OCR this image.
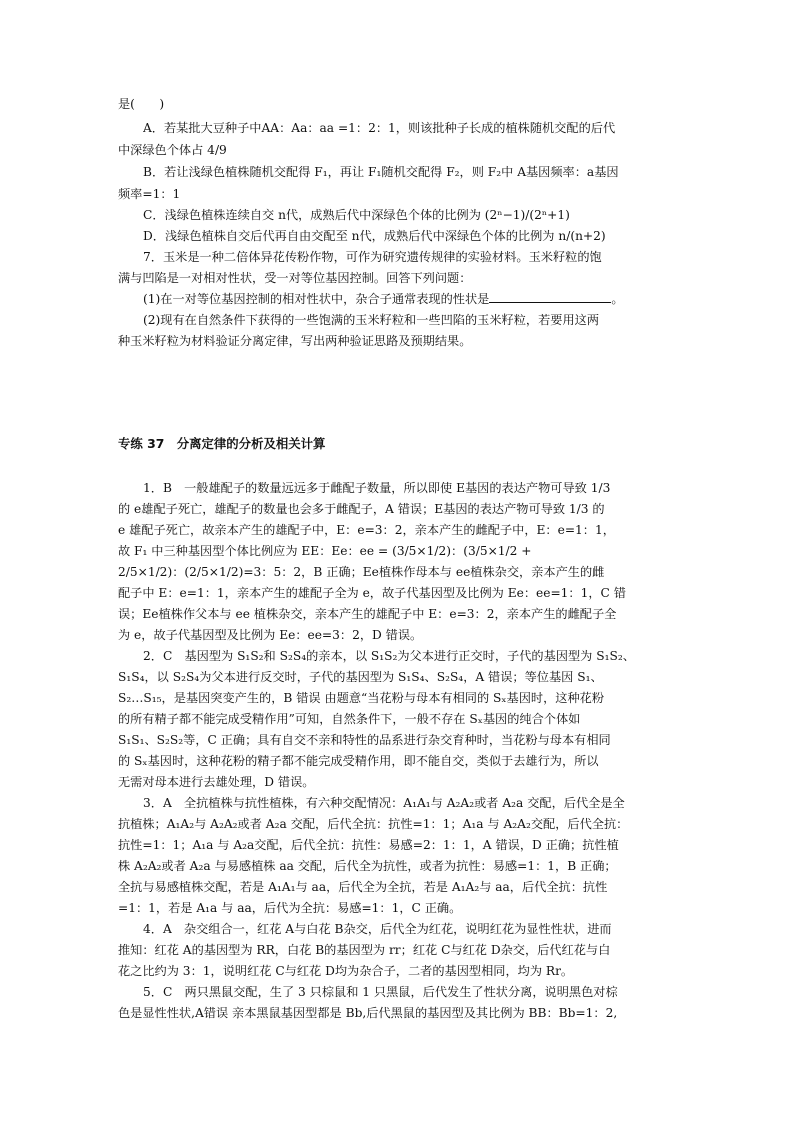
是(　　)
A．若某批大豆种子中AA：Aa：aa =1：2：1，则该批种子长成的植株随机交配的后代
中深绿色个体占 4/9
B．若让浅绿色植株随机交配得 F₁，再让 F₁随机交配得 F₂，则 F₂中 A基因频率：a基因
频率=1：1
C．浅绿色植株连续自交 n代，成熟后代中深绿色个体的比例为 (2ⁿ−1)/(2ⁿ+1)
D．浅绿色植株自交后代再自由交配至 n代，成熟后代中深绿色个体的比例为 n/(n+2)
7．玉米是一种二倍体异花传粉作物，可作为研究遗传规律的实验材料。玉米籽粒的饱
满与凹陷是一对相对性状，受一对等位基因控制。回答下列问题：
(1)在一对等位基因控制的相对性状中，杂合子通常表现的性状是	。
(2)现有在自然条件下获得的一些饱满的玉米籽粒和一些凹陷的玉米籽粒，若要用这两
种玉米籽粒为材料验证分离定律，写出两种验证思路及预期结果。
专练 37　分离定律的分析及相关计算
1．B　一般雄配子的数量远远多于雌配子数量，所以即使 E基因的表达产物可导致 1/3
的 e雄配子死亡，雄配子的数量也会多于雌配子，A 错误；E基因的表达产物可导致 1/3 的
e 雄配子死亡，故亲本产生的雄配子中，E：e=3：2，亲本产生的雌配子中，E：e=1：1，
故 F₁ 中三种基因型个体比例应为 EE：Ee：ee = (3/5×1/2)：(3/5×1/2 +
2/5×1/2)：(2/5×1/2)=3：5：2，B 正确；Ee植株作母本与 ee植株杂交，亲本产生的雌
配子中 E：e=1：1，亲本产生的雄配子全为 e，故子代基因型及比例为 Ee：ee=1：1，C 错
误；Ee植株作父本与 ee 植株杂交，亲本产生的雄配子中 E：e=3：2，亲本产生的雌配子全
为 e，故子代基因型及比例为 Ee：ee=3：2，D 错误。
2．C　基因型为 S₁S₂和 S₂S₄的亲本，以 S₁S₂为父本进行正交时，子代的基因型为 S₁S₂、
S₁S₄，以 S₂S₄为父本进行反交时，子代的基因型为 S₁S₄、S₂S₄，A 错误；等位基因 S₁、
S₂…S₁₅，是基因突变产生的，B 错误 由题意“当花粉与母本有相同的 Sₓ基因时，这种花粉
的所有精子都不能完成受精作用”可知，自然条件下，一般不存在 Sₓ基因的纯合个体如
S₁S₁、S₂S₂等，C 正确；具有自交不亲和特性的品系进行杂交育种时，当花粉与母本有相同
的 Sₓ基因时，这种花粉的精子都不能完成受精作用，即不能自交，类似于去雄行为，所以
无需对母本进行去雄处理，D 错误。
3．A　全抗植株与抗性植株，有六种交配情况：A₁A₁与 A₂A₂或者 A₂a 交配，后代全是全
抗植株；A₁A₂与 A₂A₂或者 A₂a 交配，后代全抗：抗性=1：1；A₁a 与 A₂A₂交配，后代全抗：
抗性=1：1；A₁a 与 A₂a交配，后代全抗：抗性：易感=2：1：1，A 错误，D 正确；抗性植
株 A₂A₂或者 A₂a 与易感植株 aa 交配，后代全为抗性，或者为抗性：易感=1：1，B 正确；
全抗与易感植株交配，若是 A₁A₁与 aa，后代全为全抗，若是 A₁A₂与 aa，后代全抗：抗性
=1：1，若是 A₁a 与 aa，后代为全抗：易感=1：1，C 正确。
4．A　杂交组合一，红花 A与白花 B杂交，后代全为红花，说明红花为显性性状，进而
推知：红花 A的基因型为 RR，白花 B的基因型为 rr；红花 C与红花 D杂交，后代红花与白
花之比约为 3：1，说明红花 C与红花 D均为杂合子，二者的基因型相同，均为 Rr。
5．C　两只黑鼠交配，生了 3 只棕鼠和 1 只黑鼠，后代发生了性状分离，说明黑色对棕
色是显性性状,A错误 亲本黑鼠基因型都是 Bb,后代黑鼠的基因型及其比例为 BB：Bb=1：2,
